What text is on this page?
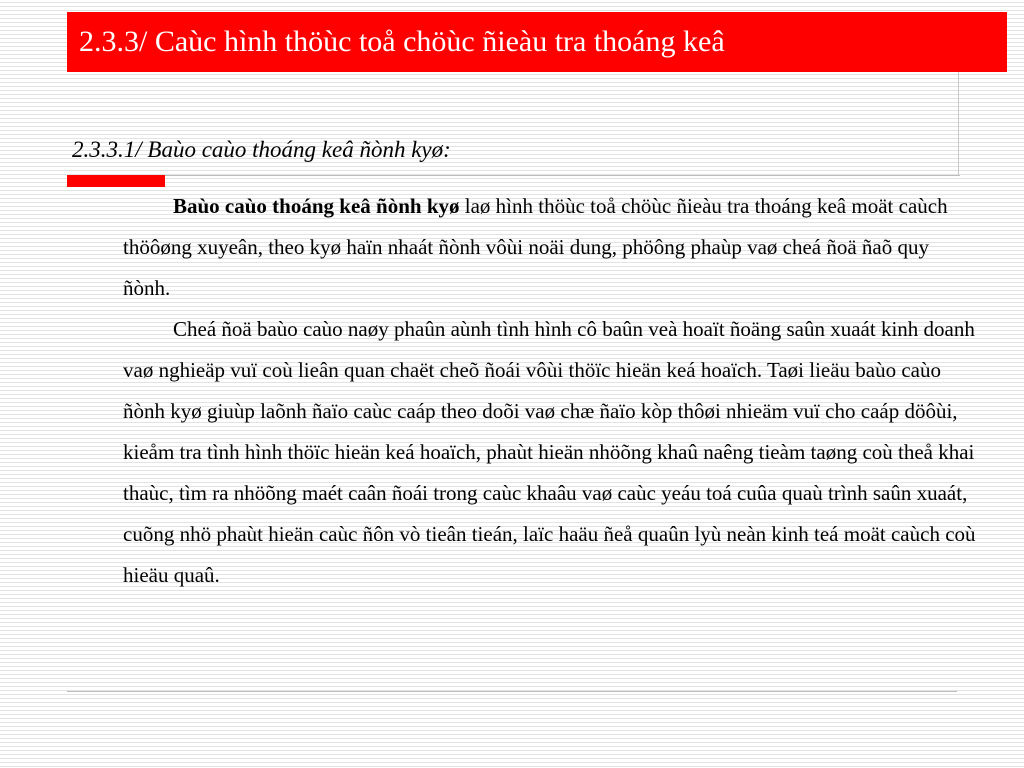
2.3.3/ Caùc hình thöùc toå chöùc ñieàu tra thoáng keâ
2.3.3.1/ Baùo caùo thoáng keâ ñònh kyø:

Baùo caùo thoáng keâ ñònh kyø laø hình thöùc toå chöùc ñieàu tra thoáng keâ moät caùch thöôøng xuyeân, theo kyø haïn nhaát ñònh vôùi noäi dung, phöông phaùp vaø cheá ñoä ñaõ quy ñònh.

Cheá ñoä baùo caùo naøy phaûn aùnh tình hình cô baûn veà hoaït ñoäng saûn xuaát kinh doanh vaø nghieäp vuï coù lieân quan chaët cheõ ñoái vôùi thöïc hieän keá hoaïch. Taøi lieäu baùo caùo ñònh kyø giuùp laõnh ñaïo caùc caáp theo doõi vaø chæ ñaïo kòp thôøi nhieäm vuï cho caáp döôùi, kieåm tra tình hình thöïc hieän keá hoaïch, phaùt hieän nhöõng khaû naêng tieàm taøng coù theå khai thaùc, tìm ra nhöõng maét caân ñoái trong caùc khaâu vaø caùc yeáu toá cuûa quaù trình saûn xuaát, cuõng nhö phaùt hieän caùc ñôn vò tieân tieán, laïc haäu ñeå quaûn lyù neàn kinh teá moät caùch coù hieäu quaû.
